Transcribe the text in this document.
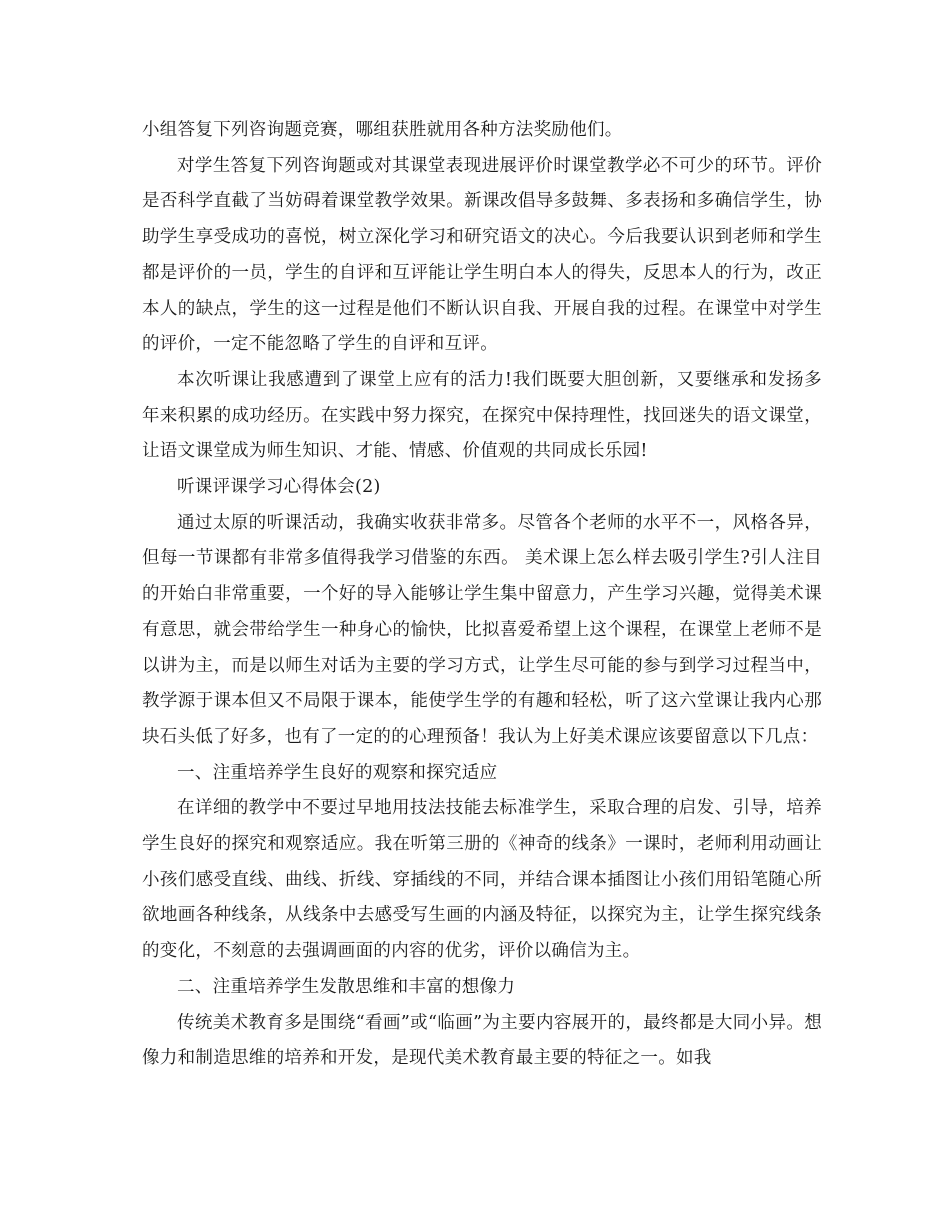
小组答复下列咨询题竞赛，哪组获胜就用各种方法奖励他们。

对学生答复下列咨询题或对其课堂表现进展评价时课堂教学必不可少的环节。评价是否科学直截了当妨碍着课堂教学效果。新课改倡导多鼓舞、多表扬和多确信学生，协助学生享受成功的喜悦，树立深化学习和研究语文的决心。今后我要认识到老师和学生都是评价的一员，学生的自评和互评能让学生明白本人的得失，反思本人的行为，改正本人的缺点，学生的这一过程是他们不断认识自我、开展自我的过程。在课堂中对学生的评价，一定不能忽略了学生的自评和互评。

本次听课让我感遭到了课堂上应有的活力!我们既要大胆创新，又要继承和发扬多年来积累的成功经历。在实践中努力探究，在探究中保持理性，找回迷失的语文课堂，让语文课堂成为师生知识、才能、情感、价值观的共同成长乐园!

听课评课学习心得体会(2)

通过太原的听课活动，我确实收获非常多。尽管各个老师的水平不一，风格各异，但每一节课都有非常多值得我学习借鉴的东西。 美术课上怎么样去吸引学生?引人注目的开始白非常重要，一个好的导入能够让学生集中留意力，产生学习兴趣，觉得美术课有意思，就会带给学生一种身心的愉快，比拟喜爱希望上这个课程，在课堂上老师不是以讲为主，而是以师生对话为主要的学习方式，让学生尽可能的参与到学习过程当中，教学源于课本但又不局限于课本，能使学生学的有趣和轻松，听了这六堂课让我内心那块石头低了好多，也有了一定的的心理预备！我认为上好美术课应该要留意以下几点：

一、注重培养学生良好的观察和探究适应

在详细的教学中不要过早地用技法技能去标准学生，采取合理的启发、引导，培养学生良好的探究和观察适应。我在听第三册的《神奇的线条》一课时，老师利用动画让小孩们感受直线、曲线、折线、穿插线的不同，并结合课本插图让小孩们用铅笔随心所欲地画各种线条，从线条中去感受写生画的内涵及特征，以探究为主，让学生探究线条的变化，不刻意的去强调画面的内容的优劣，评价以确信为主。

二、注重培养学生发散思维和丰富的想像力

传统美术教育多是围绕“看画”或“临画”为主要内容展开的，最终都是大同小异。想像力和制造思维的培养和开发，是现代美术教育最主要的特征之一。如我
